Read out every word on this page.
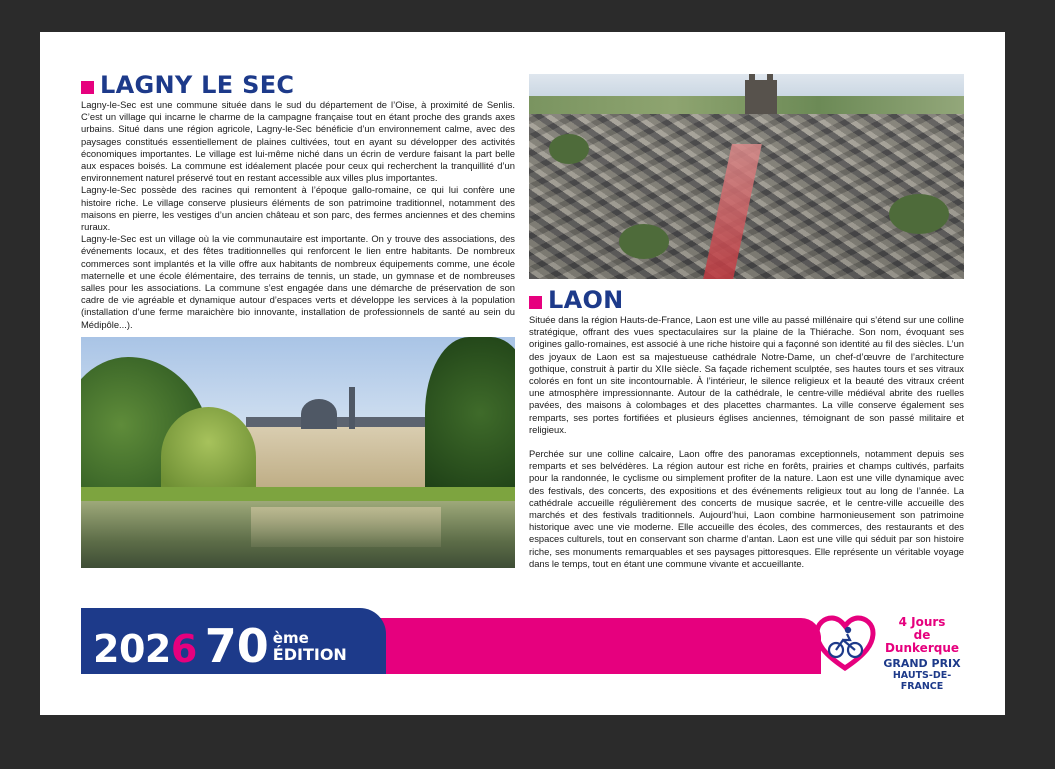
LAGNY LE SEC

Lagny-le-Sec est une commune située dans le sud du département de l’Oise, à proximité de Senlis. C’est un village qui incarne le charme de la campagne française tout en étant proche des grands axes urbains. Situé dans une région agricole, Lagny-le-Sec bénéficie d’un environnement calme, avec des paysages constitués essentiellement de plaines cultivées, tout en ayant su développer des activités économiques importantes. Le village est lui-même niché dans un écrin de verdure faisant la part belle aux espaces boisés. La commune est idéalement placée pour ceux qui recherchent la tranquillité d’un environnement naturel préservé tout en restant accessible aux villes plus importantes.

Lagny-le-Sec possède des racines qui remontent à l’époque gallo-romaine, ce qui lui confère une histoire riche. Le village conserve plusieurs éléments de son patrimoine traditionnel, notamment des maisons en pierre, les vestiges d’un ancien château et son parc, des fermes anciennes et des chemins ruraux.

Lagny-le-Sec est un village où la vie communautaire est importante. On y trouve des associations, des événements locaux, et des fêtes traditionnelles qui renforcent le lien entre habitants. De nombreux commerces sont implantés et la ville offre aux habitants de nombreux équipements comme, une école maternelle et une école élémentaire, des terrains de tennis, un stade, un gymnase et de nombreuses salles pour les associations. La commune s’est engagée dans une démarche de préservation de son cadre de vie agréable et dynamique autour d’espaces verts et développe les services à la population (installation d’une ferme maraichère bio innovante, installation de professionnels de santé au sein du Médipôle...).

LAON

Située dans la région Hauts-de-France, Laon est une ville au passé millénaire qui s’étend sur une colline stratégique, offrant des vues spectaculaires sur la plaine de la Thiérache. Son nom, évoquant ses origines gallo-romaines, est associé à une riche histoire qui a façonné son identité au fil des siècles. L’un des joyaux de Laon est sa majestueuse cathédrale Notre-Dame, un chef-d’œuvre de l’architecture gothique, construit à partir du XIIe siècle. Sa façade richement sculptée, ses hautes tours et ses vitraux colorés en font un site incontournable. À l’intérieur, le silence religieux et la beauté des vitraux créent une atmosphère impressionnante. Autour de la cathédrale, le centre-ville médiéval abrite des ruelles pavées, des maisons à colombages et des placettes charmantes. La ville conserve également ses remparts, ses portes fortifiées et plusieurs églises anciennes, témoignant de son passé militaire et religieux.

Perchée sur une colline calcaire, Laon offre des panoramas exceptionnels, notamment depuis ses remparts et ses belvédères. La région autour est riche en forêts, prairies et champs cultivés, parfaits pour la randonnée, le cyclisme ou simplement profiter de la nature. Laon est une ville dynamique avec des festivals, des concerts, des expositions et des événements religieux tout au long de l’année. La cathédrale accueille régulièrement des concerts de musique sacrée, et le centre-ville accueille des marchés et des festivals traditionnels. Aujourd’hui, Laon combine harmonieusement son patrimoine historique avec une vie moderne. Elle accueille des écoles, des commerces, des restaurants et des espaces culturels, tout en conservant son charme d’antan. Laon est une ville qui séduit par son histoire riche, ses monuments remarquables et ses paysages pittoresques. Elle représente un véritable voyage dans le temps, tout en étant une commune vivante et accueillante.

2026 70 ème
ÉDITION
4 Jours
de Dunkerque
GRAND PRIX
HAUTS-DE-FRANCE
